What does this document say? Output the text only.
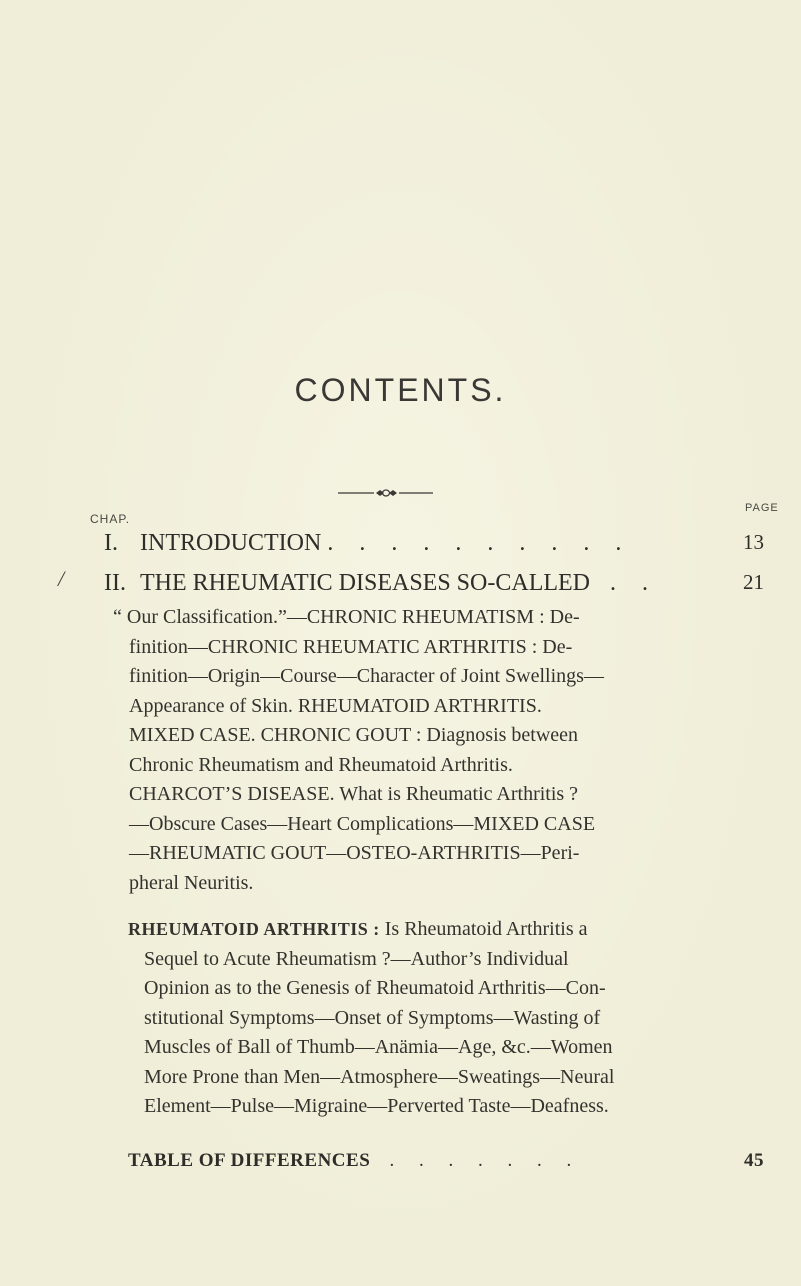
CONTENTS.
PAGE
CHAP.
I. INTRODUCTION . . . . . . . . . .	13
II. THE RHEUMATIC DISEASES SO-CALLED . .	21
/
“ Our Classification.”—CHRONIC RHEUMATISM : De-
finition—CHRONIC RHEUMATIC ARTHRITIS : De-
finition—Origin—Course—Character of Joint Swellings—
Appearance of Skin. RHEUMATOID ARTHRITIS.
MIXED CASE. CHRONIC GOUT : Diagnosis between
Chronic Rheumatism and Rheumatoid Arthritis.
CHARCOT’S DISEASE. What is Rheumatic Arthritis ?
—Obscure Cases—Heart Complications—MIXED CASE
—RHEUMATIC GOUT—OSTEO-ARTHRITIS—Peri-
pheral Neuritis.
RHEUMATOID ARTHRITIS : Is Rheumatoid Arthritis a
Sequel to Acute Rheumatism ?—Author’s Individual
Opinion as to the Genesis of Rheumatoid Arthritis—Con-
stitutional Symptoms—Onset of Symptoms—Wasting of
Muscles of Ball of Thumb—Anämia—Age, &c.—Women
More Prone than Men—Atmosphere—Sweatings—Neural
Element—Pulse—Migraine—Perverted Taste—Deafness.
TABLE OF DIFFERENCES . . . . . . .	45
